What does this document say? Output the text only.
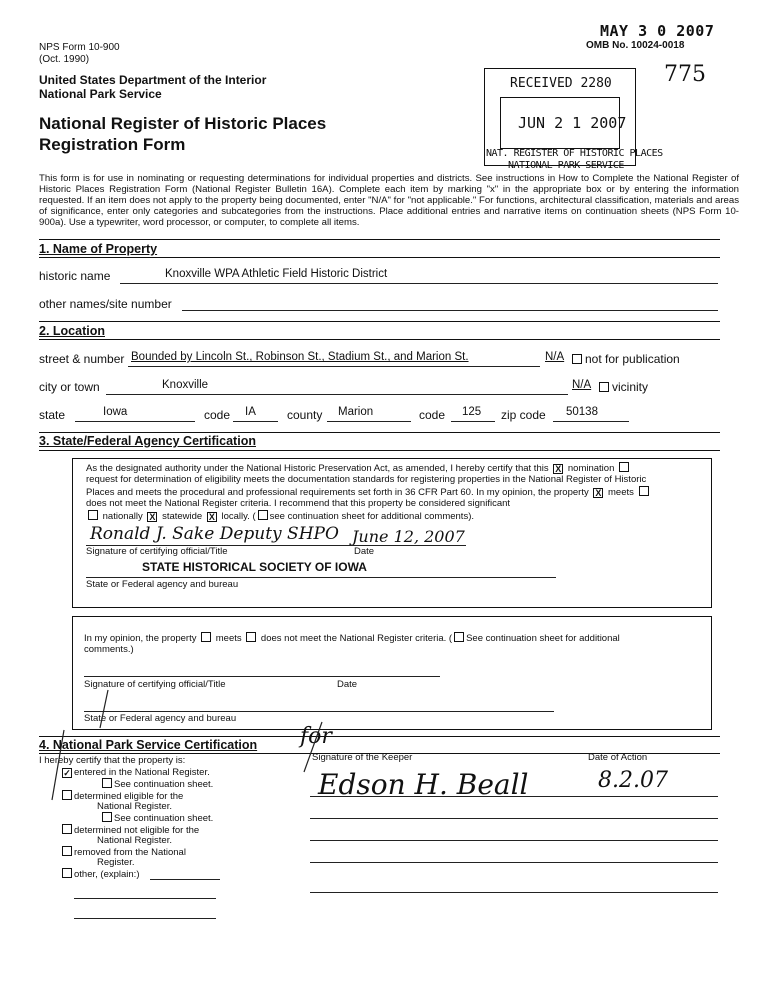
MAY 3 0 2007
OMB No. 10024-0018
775
RECEIVED 2280
JUN 2 1 2007
NAT. REGISTER OF HISTORIC PLACES
NATIONAL PARK SERVICE
NPS Form 10-900
(Oct. 1990)
United States Department of the Interior
National Park Service
National Register of Historic Places
Registration Form
This form is for use in nominating or requesting determinations for individual properties and districts. See instructions in How to Complete the National Register of Historic Places Registration Form (National Register Bulletin 16A). Complete each item by marking "x" in the appropriate box or by entering the information requested. If an item does not apply to the property being documented, enter "N/A" for "not applicable." For functions, architectural classification, materials and areas of significance, enter only categories and subcategories from the instructions. Place additional entries and narrative items on continuation sheets (NPS Form 10-900a). Use a typewriter, word processor, or computer, to complete all items.
1. Name of Property
historic name	Knoxville WPA Athletic Field Historic District
other names/site number
2. Location
street & number Bounded by Lincoln St., Robinson St., Stadium St., and Marion St.	N/A not for publication
city or town	Knoxville	N/A vicinity
state	Iowa	code IA	county Marion	code 125 zip code 50138
3. State/Federal Agency Certification
As the designated authority under the National Historic Preservation Act, as amended, I hereby certify that this X nomination
request for determination of eligibility meets the documentation standards for registering properties in the National Register of Historic
Places and meets the procedural and professional requirements set forth in 36 CFR Part 60. In my opinion, the property X meets
does not meet the National Register criteria. I recommend that this property be considered significant
nationally X statewide X locally. ( see continuation sheet for additional comments).
Ronald J. Sake Deputy SHPO June 12, 2007
Signature of certifying official/Title	Date
STATE HISTORICAL SOCIETY OF IOWA
State or Federal agency and bureau
In my opinion, the property meets does not meet the National Register criteria. ( See continuation sheet for additional
comments.)
Signature of certifying official/Title	Date
State or Federal agency and bureau
4. National Park Service Certification
I hereby certify that the property is:
✓ entered in the National Register.
See continuation sheet.
determined eligible for the
National Register.
See continuation sheet.
determined not eligible for the
National Register.
removed from the National
Register.
other, (explain:)
Signature of the Keeper	Date of Action
for
Edson H. Beall	8.2.07
